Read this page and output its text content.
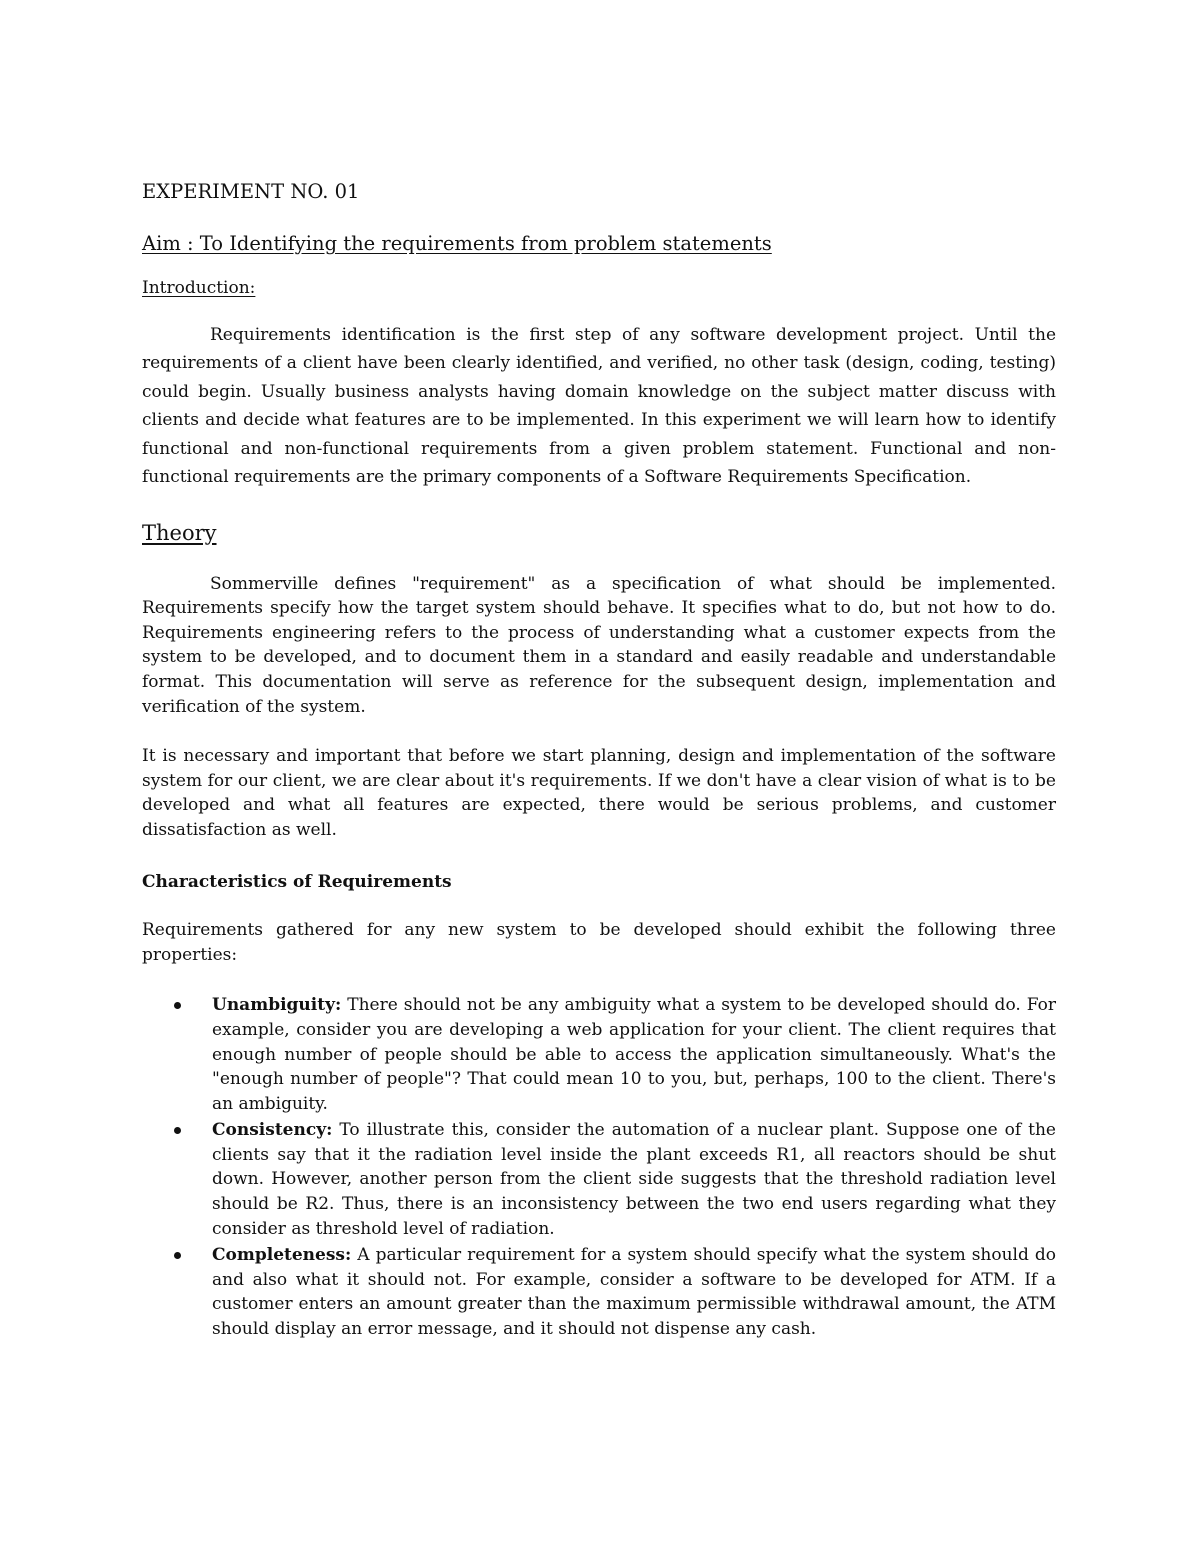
EXPERIMENT NO. 01
Aim : To Identifying the requirements from problem statements
Introduction:

Requirements identification is the first step of any software development project. Until the requirements of a client have been clearly identified, and verified, no other task (design, coding, testing) could begin. Usually business analysts having domain knowledge on the subject matter discuss with clients and decide what features are to be implemented. In this experiment we will learn how to identify functional and non-functional requirements from a given problem statement. Functional and non-functional requirements are the primary components of a Software Requirements Specification.

Theory

Sommerville defines "requirement" as a specification of what should be implemented. Requirements specify how the target system should behave. It specifies what to do, but not how to do. Requirements engineering refers to the process of understanding what a customer expects from the system to be developed, and to document them in a standard and easily readable and understandable format. This documentation will serve as reference for the subsequent design, implementation and verification of the system.

It is necessary and important that before we start planning, design and implementation of the software system for our client, we are clear about it's requirements. If we don't have a clear vision of what is to be developed and what all features are expected, there would be serious problems, and customer dissatisfaction as well.

Characteristics of Requirements

Requirements gathered for any new system to be developed should exhibit the following three properties:

Unambiguity: There should not be any ambiguity what a system to be developed should do. For example, consider you are developing a web application for your client. The client requires that enough number of people should be able to access the application simultaneously. What's the "enough number of people"? That could mean 10 to you, but, perhaps, 100 to the client. There's an ambiguity.
Consistency: To illustrate this, consider the automation of a nuclear plant. Suppose one of the clients say that it the radiation level inside the plant exceeds R1, all reactors should be shut down. However, another person from the client side suggests that the threshold radiation level should be R2. Thus, there is an inconsistency between the two end users regarding what they consider as threshold level of radiation.
Completeness: A particular requirement for a system should specify what the system should do and also what it should not. For example, consider a software to be developed for ATM. If a customer enters an amount greater than the maximum permissible withdrawal amount, the ATM should display an error message, and it should not dispense any cash.
